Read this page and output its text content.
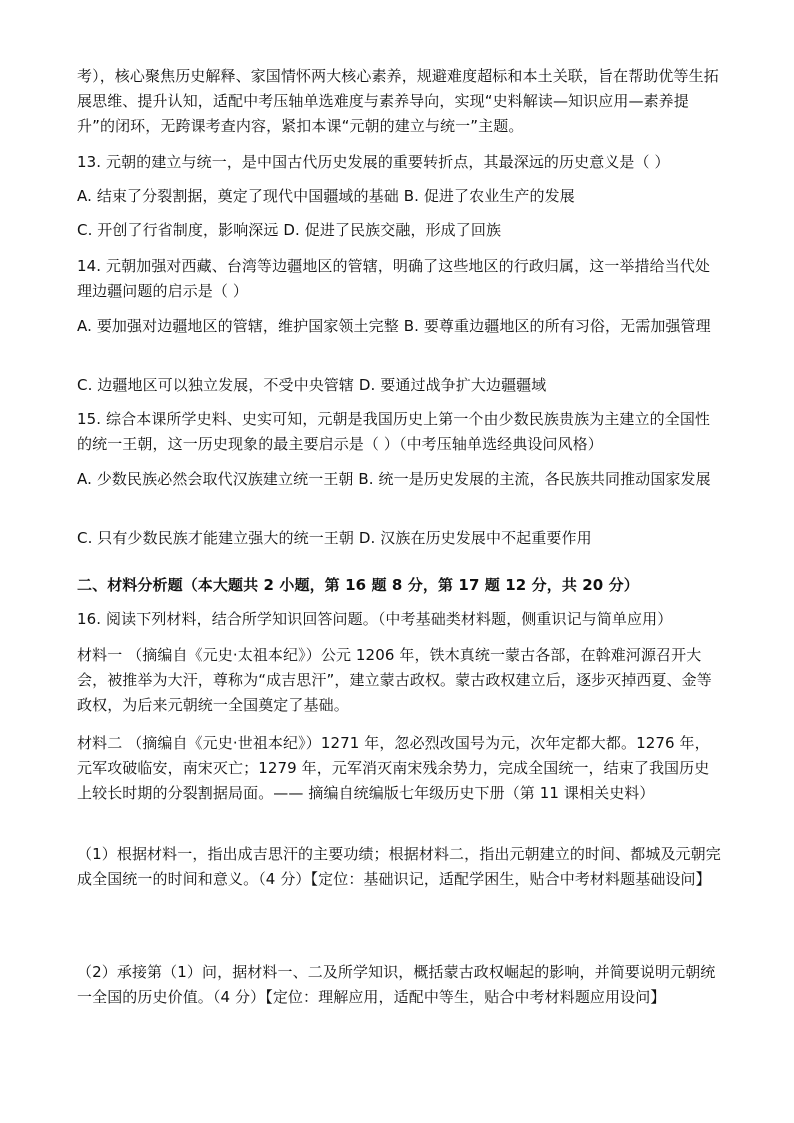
考），核心聚焦历史解释、家国情怀两大核心素养，规避难度超标和本土关联，旨在帮助优等生拓展思维、提升认知，适配中考压轴单选难度与素养导向，实现“史料解读—知识应用—素养提升”的闭环，无跨课考查内容，紧扣本课“元朝的建立与统一”主题。

13. 元朝的建立与统一，是中国古代历史发展的重要转折点，其最深远的历史意义是（ ）

A. 结束了分裂割据，奠定了现代中国疆域的基础 B. 促进了农业生产的发展

C. 开创了行省制度，影响深远 D. 促进了民族交融，形成了回族

14. 元朝加强对西藏、台湾等边疆地区的管辖，明确了这些地区的行政归属，这一举措给当代处理边疆问题的启示是（ ）

A. 要加强对边疆地区的管辖，维护国家领土完整 B. 要尊重边疆地区的所有习俗，无需加强管理

C. 边疆地区可以独立发展，不受中央管辖 D. 要通过战争扩大边疆疆域

15. 综合本课所学史料、史实可知，元朝是我国历史上第一个由少数民族贵族为主建立的全国性的统一王朝，这一历史现象的最主要启示是（ ）（中考压轴单选经典设问风格）

A. 少数民族必然会取代汉族建立统一王朝 B. 统一是历史发展的主流，各民族共同推动国家发展

C. 只有少数民族才能建立强大的统一王朝 D. 汉族在历史发展中不起重要作用

二、材料分析题（本大题共 2 小题，第 16 题 8 分，第 17 题 12 分，共 20 分）

16. 阅读下列材料，结合所学知识回答问题。（中考基础类材料题，侧重识记与简单应用）

材料一 （摘编自《元史·太祖本纪》）公元 1206 年，铁木真统一蒙古各部，在斡难河源召开大会，被推举为大汗，尊称为“成吉思汗”，建立蒙古政权。蒙古政权建立后，逐步灭掉西夏、金等政权，为后来元朝统一全国奠定了基础。

材料二 （摘编自《元史·世祖本纪》）1271 年，忽必烈改国号为元，次年定都大都。1276 年，元军攻破临安，南宋灭亡；1279 年，元军消灭南宋残余势力，完成全国统一，结束了我国历史上较长时期的分裂割据局面。—— 摘编自统编版七年级历史下册（第 11 课相关史料）

（1）根据材料一，指出成吉思汗的主要功绩；根据材料二，指出元朝建立的时间、都城及元朝完成全国统一的时间和意义。（4 分）【定位：基础识记，适配学困生，贴合中考材料题基础设问】

（2）承接第（1）问，据材料一、二及所学知识，概括蒙古政权崛起的影响，并简要说明元朝统一全国的历史价值。（4 分）【定位：理解应用，适配中等生，贴合中考材料题应用设问】
